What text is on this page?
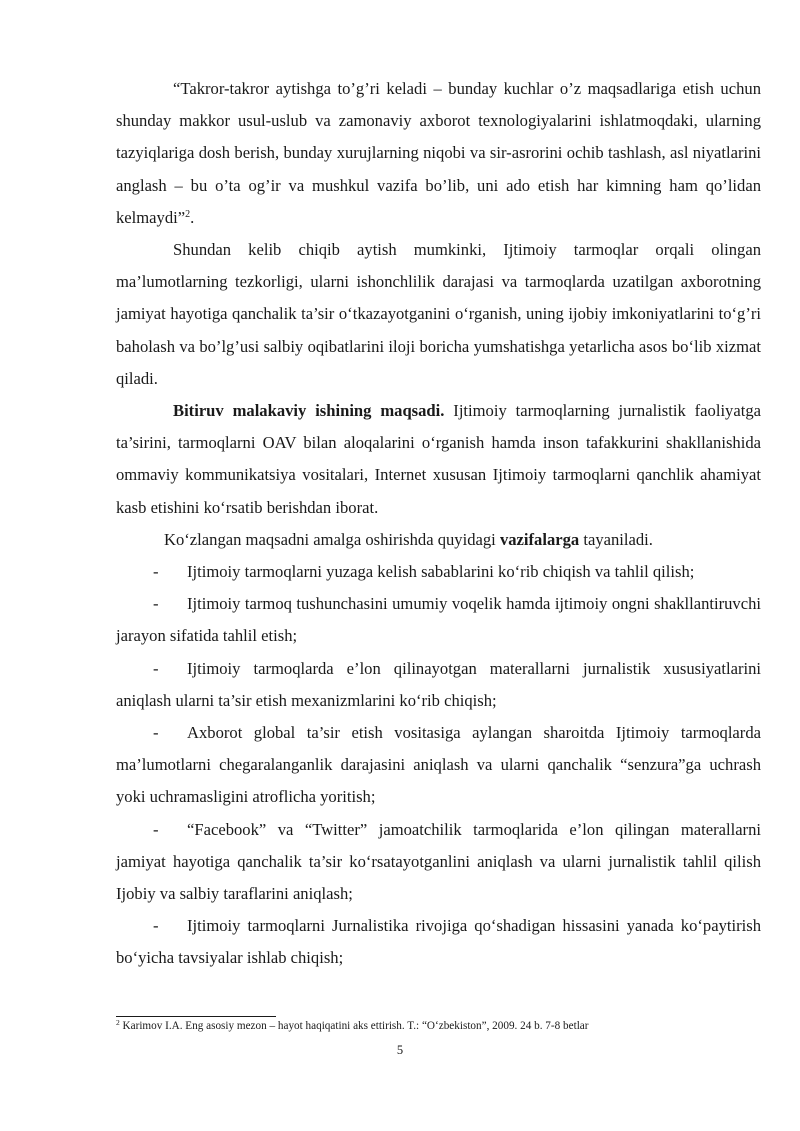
“Takror-takror aytishga to’g’ri keladi – bunday kuchlar o’z maqsadlariga etish uchun shunday makkor usul-uslub va zamonaviy axborot texnologiyalarini ishlatmoqdaki, ularning tazyiqlariga dosh berish, bunday xurujlarning niqobi va sir-asrorini ochib tashlash, asl niyatlarini anglash – bu o’ta og’ir va mushkul vazifa bo’lib, uni ado etish har kimning ham qo’lidan kelmaydi”$^2$.

Shundan kelib chiqib aytish mumkinki, Ijtimoiy tarmoqlar orqali olingan ma’lumotlarning tezkorligi, ularni ishonchlilik darajasi va tarmoqlarda uzatilgan axborotning jamiyat hayotiga qanchalik ta’sir o‘tkazayotganini o‘rganish, uning ijobiy imkoniyatlarini to‘g’ri baholash va bo’lg’usi salbiy oqibatlarini iloji boricha yumshatishga yetarlicha asos bo‘lib xizmat qiladi.

Bitiruv malakaviy ishining maqsadi. Ijtimoiy tarmoqlarning jurnalistik faoliyatga ta’sirini, tarmoqlarni OAV bilan aloqalarini o‘rganish hamda inson tafakkurini shakllanishida ommaviy kommunikatsiya vositalari, Internet xususan Ijtimoiy tarmoqlarni qanchlik ahamiyat kasb etishini ko‘rsatib berishdan iborat.

Ko‘zlangan maqsadni amalga oshirishda quyidagi vazifalarga tayaniladi.

- Ijtimoiy tarmoqlarni yuzaga kelish sabablarini ko‘rib chiqish va tahlil qilish;

- Ijtimoiy tarmoq tushunchasini umumiy voqelik hamda ijtimoiy ongni shakllantiruvchi jarayon sifatida tahlil etish;

- Ijtimoiy tarmoqlarda e’lon qilinayotgan materallarni jurnalistik xususiyatlarini aniqlash ularni ta’sir etish mexanizmlarini ko‘rib chiqish;

- Axborot global ta’sir etish vositasiga aylangan sharoitda Ijtimoiy tarmoqlarda ma’lumotlarni chegaralanganlik darajasini aniqlash va ularni qanchalik “senzura”ga uchrash yoki uchramasligini atroflicha yoritish;

- “Facebook” va “Twitter” jamoatchilik tarmoqlarida e’lon qilingan materallarni jamiyat hayotiga qanchalik ta’sir ko‘rsatayotganlini aniqlash va ularni jurnalistik tahlil qilish Ijobiy va salbiy taraflarini aniqlash;

- Ijtimoiy tarmoqlarni Jurnalistika rivojiga qo‘shadigan hissasini yanada ko‘paytirish bo‘yicha tavsiyalar ishlab chiqish;

$^2$ Karimov I.A. Eng asosiy mezon – hayot haqiqatini aks ettirish. T.: “O‘zbekiston”, 2009. 24 b. 7-8 betlar
5
